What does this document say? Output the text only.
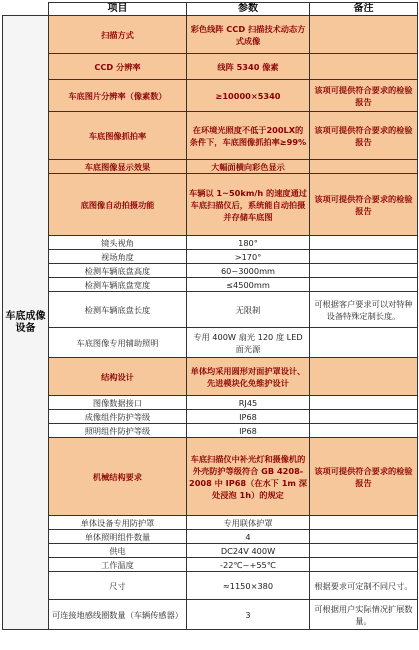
	项目	参数	备注
车底成像设备	扫描方式	彩色线阵 CCD 扫描技术动态方式成像	
	CCD 分辨率	线阵 5340 像素	
	车底图片分辨率（像素数）	≥10000×5340	该项可提供符合要求的检验报告
	车底图像抓拍率	在环境光照度不低于200LX的条件下，车底图像抓拍率≥99%	该项可提供符合要求的检验报告
	车底图像显示效果	大幅面横向彩色显示	
	底图像自动拍摄功能	车辆以 1~50km/h 的速度通过车底扫描仪后，系统能自动拍摄并存储车底图	该项可提供符合要求的检验报告
	镜头视角	180°	
	视场角度	>170°	
	检测车辆底盘高度	60~3000mm	
	检测车辆底盘宽度	≤4500mm	
	检测车辆底盘长度	无限制	可根据客户要求可以对特种设备特殊定制长度。
	车底图像专用辅助照明	专用 400W 扇光 120 度 LED 面光源	
	结构设计	单体均采用圆形对面护罩设计、先进模块化免维护设计	
	图像数据接口	RJ45	
	成像组件防护等级	IP68	
	照明组件防护等级	IP68	
	机械结构要求	车底扫描仪中补光灯和摄像机的外壳防护等级符合 GB 4208-2008 中 IP68（在水下 1m 深处浸泡 1h）的规定	该项可提供符合要求的检验报告
	单体设备专用防护罩	专用联体护罩	
	单体照明组件数量	4	
	供电	DC24V 400W	
	工作温度	-22℃~+55℃	
	尺寸	≈1150×380	根据要求可定制不同尺寸。
	可连接地感线圈数量（车辆传感器）	3	可根据用户实际情况扩展数量。
